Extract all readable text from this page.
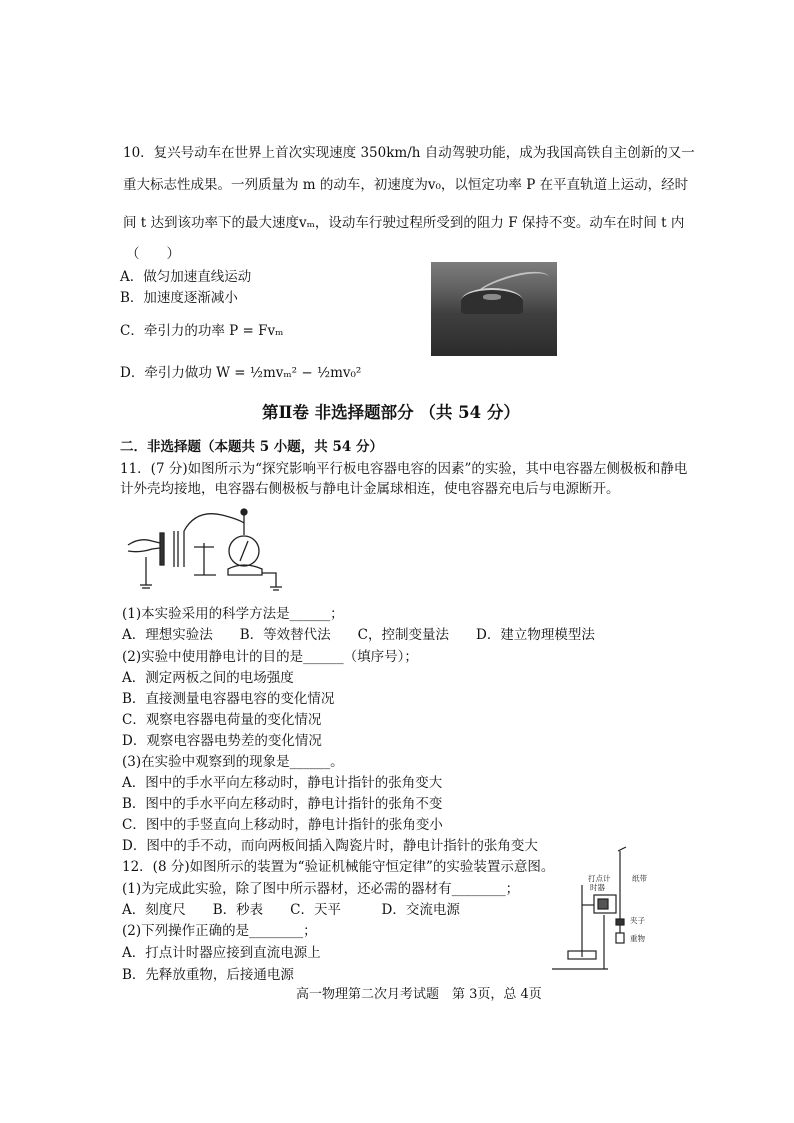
10．复兴号动车在世界上首次实现速度 350km/h 自动驾驶功能，成为我国高铁自主创新的又一
重大标志性成果。一列质量为 m 的动车，初速度为v₀，以恒定功率 P 在平直轨道上运动，经时
间 t 达到该功率下的最大速度vₘ，设动车行驶过程所受到的阻力 F 保持不变。动车在时间 t 内
（　　）
A．做匀加速直线运动
B．加速度逐渐减小
C．牵引力的功率 P = Fvₘ
D．牵引力做功 W = ½mvₘ² − ½mv₀²
第Ⅱ卷 非选择题部分 （共 54 分）
二．非选择题（本题共 5 小题，共 54 分）
11．(7 分)如图所示为“探究影响平行板电容器电容的因素”的实验，其中电容器左侧极板和静电
计外壳均接地，电容器右侧极板与静电计金属球相连，使电容器充电后与电源断开。
(1)本实验采用的科学方法是______；
A．理想实验法　　B．等效替代法　　C，控制变量法　　D．建立物理模型法
(2)实验中使用静电计的目的是______（填序号）；
A．测定两板之间的电场强度
B．直接测量电容器电容的变化情况
C．观察电容器电荷量的变化情况
D．观察电容器电势差的变化情况
(3)在实验中观察到的现象是______。
A．图中的手水平向左移动时，静电计指针的张角变大
B．图中的手水平向左移动时，静电计指针的张角不变
C．图中的手竖直向上移动时，静电计指针的张角变小
D．图中的手不动，而向两板间插入陶瓷片时，静电计指针的张角变大
12．(8 分)如图所示的装置为“验证机械能守恒定律”的实验装置示意图。
(1)为完成此实验，除了图中所示器材，还必需的器材有________；
A．刻度尺　　B．秒表　　C．天平　　　D．交流电源
(2)下列操作正确的是________；
A．打点计时器应接到直流电源上
B．先释放重物，后接通电源
打点计 时器
纸带
夹子
重物
高一物理第二次月考试题　第 3页，总 4页
